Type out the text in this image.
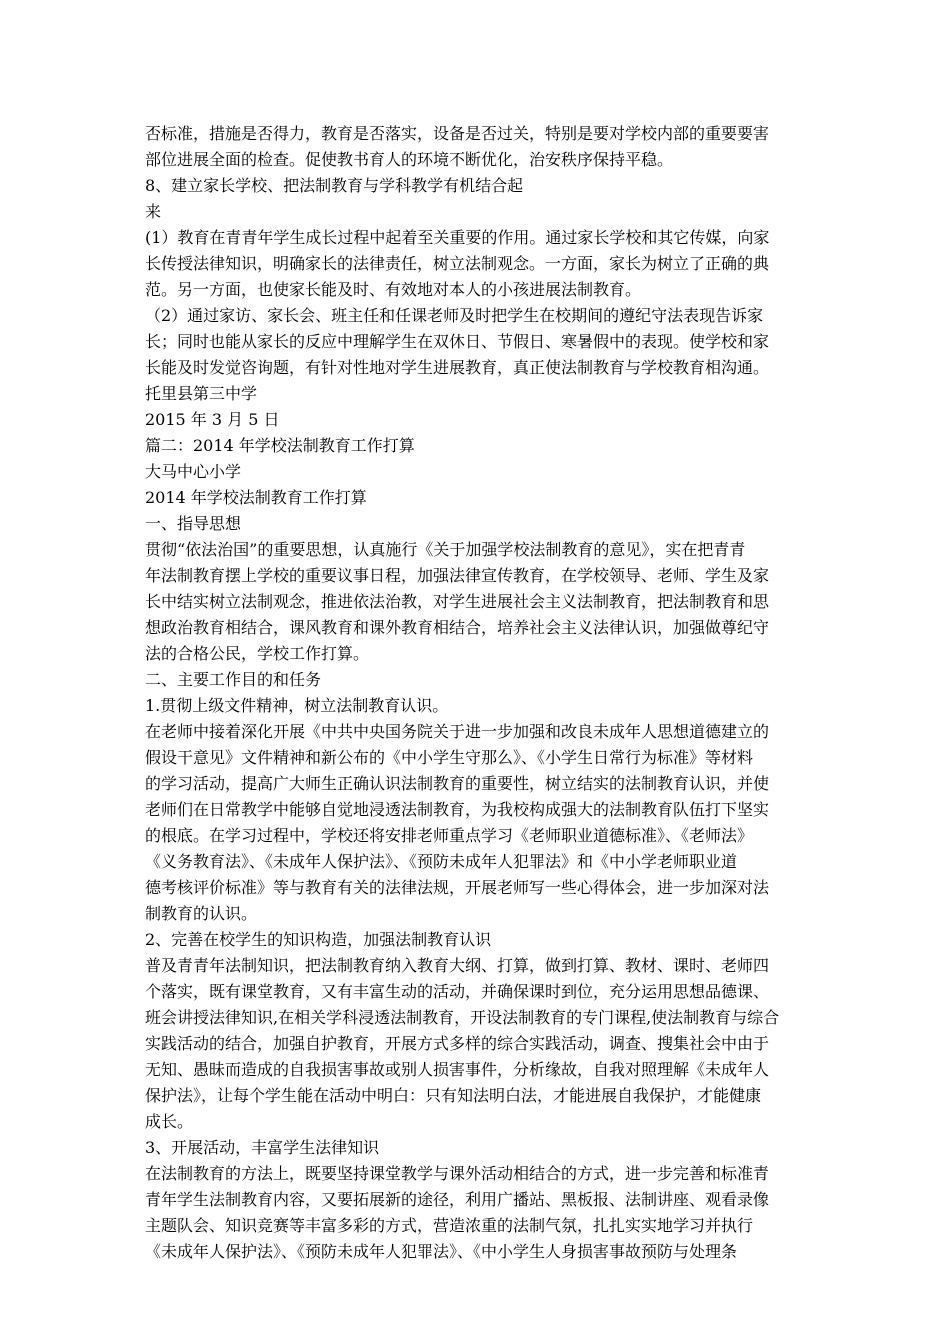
否标准，措施是否得力，教育是否落实，设备是否过关，特别是要对学校内部的重要要害
部位进展全面的检查。促使教书育人的环境不断优化，治安秩序保持平稳。
8、建立家长学校、把法制教育与学科教学有机结合起
来
(1）教育在青青年学生成长过程中起着至关重要的作用。通过家长学校和其它传媒，向家
长传授法律知识，明确家长的法律责任，树立法制观念。一方面，家长为树立了正确的典
范。另一方面，也使家长能及时、有效地对本人的小孩进展法制教育。
（2）通过家访、家长会、班主任和任课老师及时把学生在校期间的遵纪守法表现告诉家
长；同时也能从家长的反应中理解学生在双休日、节假日、寒暑假中的表现。使学校和家
长能及时发觉咨询题，有针对性地对学生进展教育，真正使法制教育与学校教育相沟通。
托里县第三中学
2015 年 3 月 5 日
篇二：2014 年学校法制教育工作打算
大马中心小学
2014 年学校法制教育工作打算
一、指导思想
贯彻“依法治国”的重要思想，认真施行《关于加强学校法制教育的意见》，实在把青青
年法制教育摆上学校的重要议事日程，加强法律宣传教育，在学校领导、老师、学生及家
长中结实树立法制观念，推进依法治教，对学生进展社会主义法制教育，把法制教育和思
想政治教育相结合，课风教育和课外教育相结合，培养社会主义法律认识，加强做尊纪守
法的合格公民，学校工作打算。
二、主要工作目的和任务
1.贯彻上级文件精神，树立法制教育认识。
在老师中接着深化开展《中共中央国务院关于进一步加强和改良未成年人思想道德建立的
假设干意见》文件精神和新公布的《中小学生守那么》、《小学生日常行为标准》等材料
的学习活动，提高广大师生正确认识法制教育的重要性，树立结实的法制教育认识，并使
老师们在日常教学中能够自觉地浸透法制教育，为我校构成强大的法制教育队伍打下坚实
的根底。在学习过程中，学校还将安排老师重点学习《老师职业道德标准》、《老师法》
《义务教育法》、《未成年人保护法》、《预防未成年人犯罪法》和《中小学老师职业道
德考核评价标准》等与教育有关的法律法规，开展老师写一些心得体会，进一步加深对法
制教育的认识。
2、完善在校学生的知识构造，加强法制教育认识
普及青青年法制知识，把法制教育纳入教育大纲、打算，做到打算、教材、课时、老师四
个落实，既有课堂教育，又有丰富生动的活动，并确保课时到位，充分运用思想品德课、
班会讲授法律知识,在相关学科浸透法制教育，开设法制教育的专门课程,使法制教育与综合
实践活动的结合，加强自护教育，开展方式多样的综合实践活动，调查、搜集社会中由于
无知、愚昧而造成的自我损害事故或别人损害事件，分析缘故，自我对照理解《未成年人
保护法》，让每个学生能在活动中明白：只有知法明白法，才能进展自我保护，才能健康
成长。
3、开展活动，丰富学生法律知识
在法制教育的方法上，既要坚持课堂教学与课外活动相结合的方式，进一步完善和标准青
青年学生法制教育内容，又要拓展新的途径，利用广播站、黑板报、法制讲座、观看录像
主题队会、知识竞赛等丰富多彩的方式，营造浓重的法制气氛，扎扎实实地学习并执行
《未成年人保护法》、《预防未成年人犯罪法》、《中小学生人身损害事故预防与处理条
